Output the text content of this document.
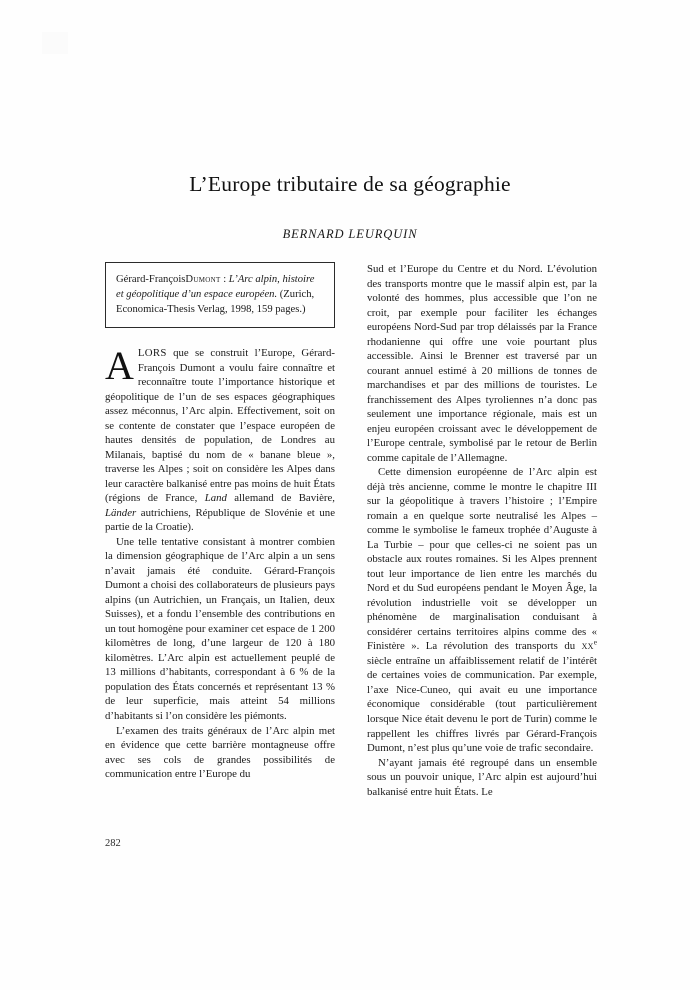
L’Europe tributaire de sa géographie
BERNARD LEURQUIN

Gérard-FrançoisDumont : L’Arc alpin, histoire et géopolitique d’un espace européen. (Zurich, Economica-Thesis Verlag, 1998, 159 pages.)

ALORS que se construit l’Europe, Gérard-François Dumont a voulu faire connaître et reconnaître toute l’importance historique et géopolitique de l’un de ses espaces géographiques assez méconnus, l’Arc alpin. Effectivement, soit on se contente de constater que l’espace européen de hautes densités de population, de Londres au Milanais, baptisé du nom de « banane bleue », traverse les Alpes ; soit on considère les Alpes dans leur caractère balkanisé entre pas moins de huit États (régions de France, Land allemand de Bavière, Länder autrichiens, République de Slovénie et une partie de la Croatie).

Une telle tentative consistant à montrer combien la dimension géographique de l’Arc alpin a un sens n’avait jamais été conduite. Gérard-François Dumont a choisi des collaborateurs de plusieurs pays alpins (un Autrichien, un Français, un Italien, deux Suisses), et a fondu l’ensemble des contributions en un tout homogène pour examiner cet espace de 1 200 kilomètres de long, d’une largeur de 120 à 180 kilomètres. L’Arc alpin est actuellement peuplé de 13 millions d’habitants, correspondant à 6 % de la population des États concernés et représentant 13 % de leur superficie, mais atteint 54 millions d’habitants si l’on considère les piémonts.

L’examen des traits généraux de l’Arc alpin met en évidence que cette barrière montagneuse offre avec ses cols de grandes possibilités de communication entre l’Europe du

Sud et l’Europe du Centre et du Nord. L’évolution des transports montre que le massif alpin est, par la volonté des hommes, plus accessible que l’on ne croit, par exemple pour faciliter les échanges européens Nord-Sud par trop délaissés par la France rhodanienne qui offre une voie pourtant plus accessible. Ainsi le Brenner est traversé par un courant annuel estimé à 20 millions de tonnes de marchandises et par des millions de touristes. Le franchissement des Alpes tyroliennes n’a donc pas seulement une importance régionale, mais est un enjeu européen croissant avec le développement de l’Europe centrale, symbolisé par le retour de Berlin comme capitale de l’Allemagne.

Cette dimension européenne de l’Arc alpin est déjà très ancienne, comme le montre le chapitre III sur la géopolitique à travers l’histoire ; l’Empire romain a en quelque sorte neutralisé les Alpes – comme le symbolise le fameux trophée d’Auguste à La Turbie – pour que celles-ci ne soient pas un obstacle aux routes romaines. Si les Alpes prennent tout leur importance de lien entre les marchés du Nord et du Sud européens pendant le Moyen Âge, la révolution industrielle voit se développer un phénomène de marginalisation conduisant à considérer certains territoires alpins comme des « Finistère ». La révolution des transports du $xx^e$ siècle entraîne un affaiblissement relatif de l’intérêt de certaines voies de communication. Par exemple, l’axe Nice-Cuneo, qui avait eu une importance économique considérable (tout particulièrement lorsque Nice était devenu le port de Turin) comme le rappellent les chiffres livrés par Gérard-François Dumont, n’est plus qu’une voie de trafic secondaire.

N’ayant jamais été regroupé dans un ensemble sous un pouvoir unique, l’Arc alpin est aujourd’hui balkanisé entre huit États. Le

282
